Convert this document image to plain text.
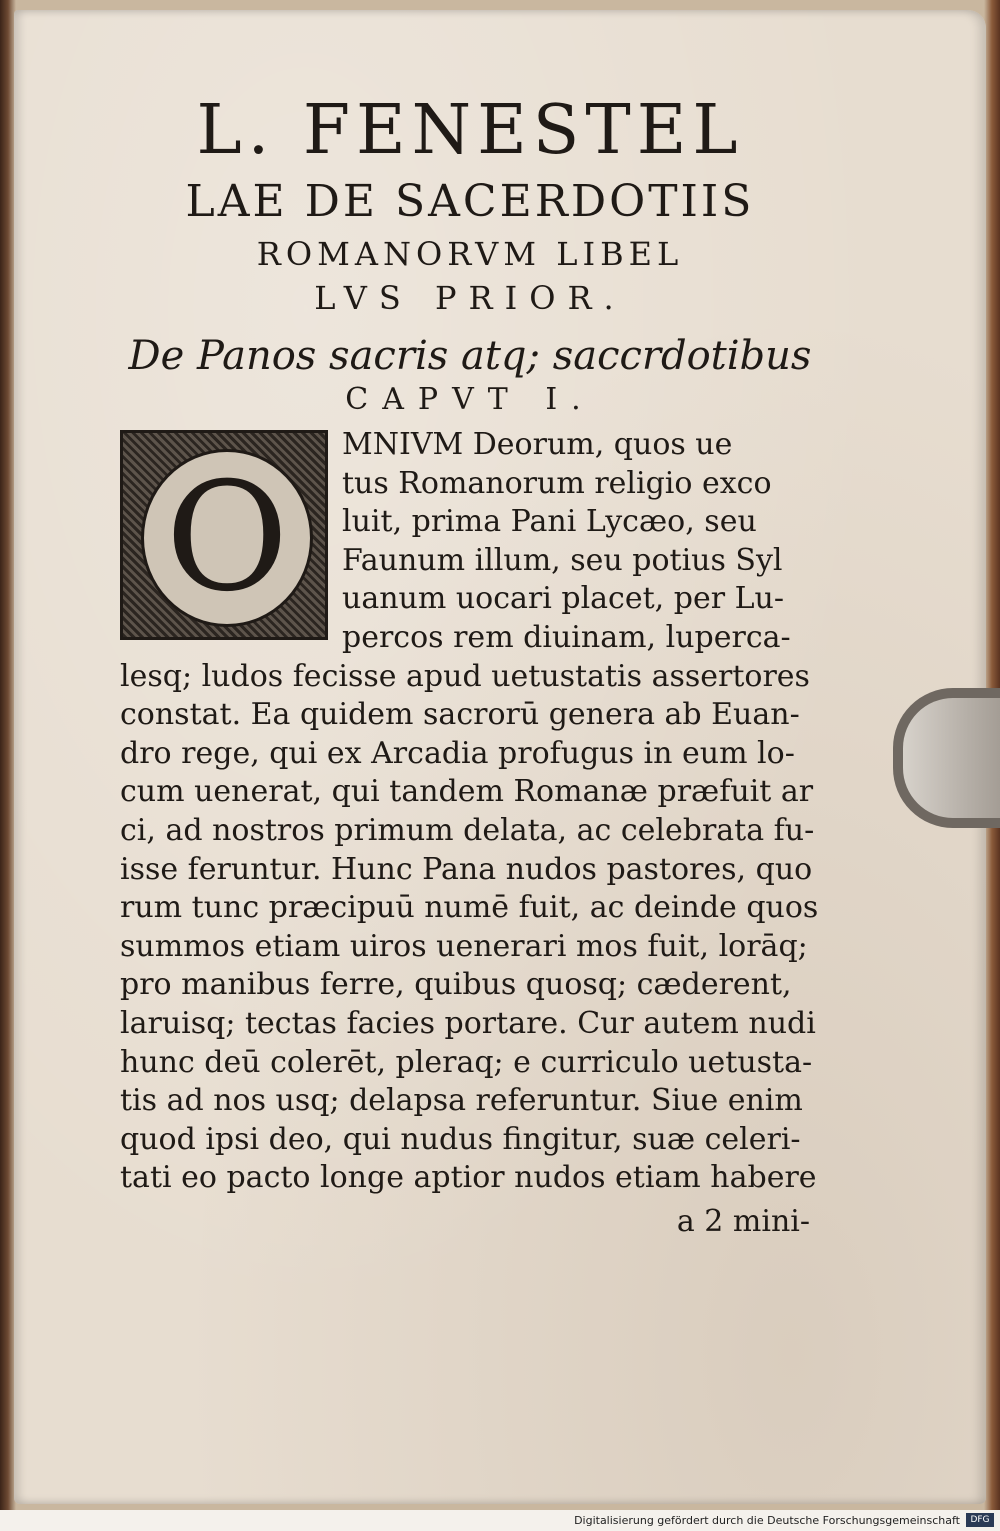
L. FENESTEL

LAE DE SACERDOTIIS

ROMANORVM LIBEL

LVS PRIOR.

De Panos sacris atq; saccrdotibus

CAPVT I.

O

MNIVM Deorum, quos ue

tus Romanorum religio exco

luit, prima Pani Lycæo, seu

Faunum illum, seu potius Syl

uanum uocari placet, per Lu-

percos rem diuinam, luperca-

lesq; ludos fecisse apud uetustatis assertores

constat. Ea quidem sacrorū genera ab Euan-

dro rege, qui ex Arcadia profugus in eum lo-

cum uenerat, qui tandem Romanæ præfuit ar

ci, ad nostros primum delata, ac celebrata fu-

isse feruntur. Hunc Pana nudos pastores, quo

rum tunc præcipuū numē fuit, ac deinde quos

summos etiam uiros uenerari mos fuit, lorāq;

pro manibus ferre, quibus quosq; cæderent,

laruisq; tectas facies portare. Cur autem nudi

hunc deū colerēt, pleraq; e curriculo uetusta-

tis ad nos usq; delapsa referuntur. Siue enim

quod ipsi deo, qui nudus fingitur, suæ celeri-

tati eo pacto longe aptior nudos etiam habere

a 2 mini-

Digitalisierung gefördert durch die Deutsche Forschungsgemeinschaft	DFG
